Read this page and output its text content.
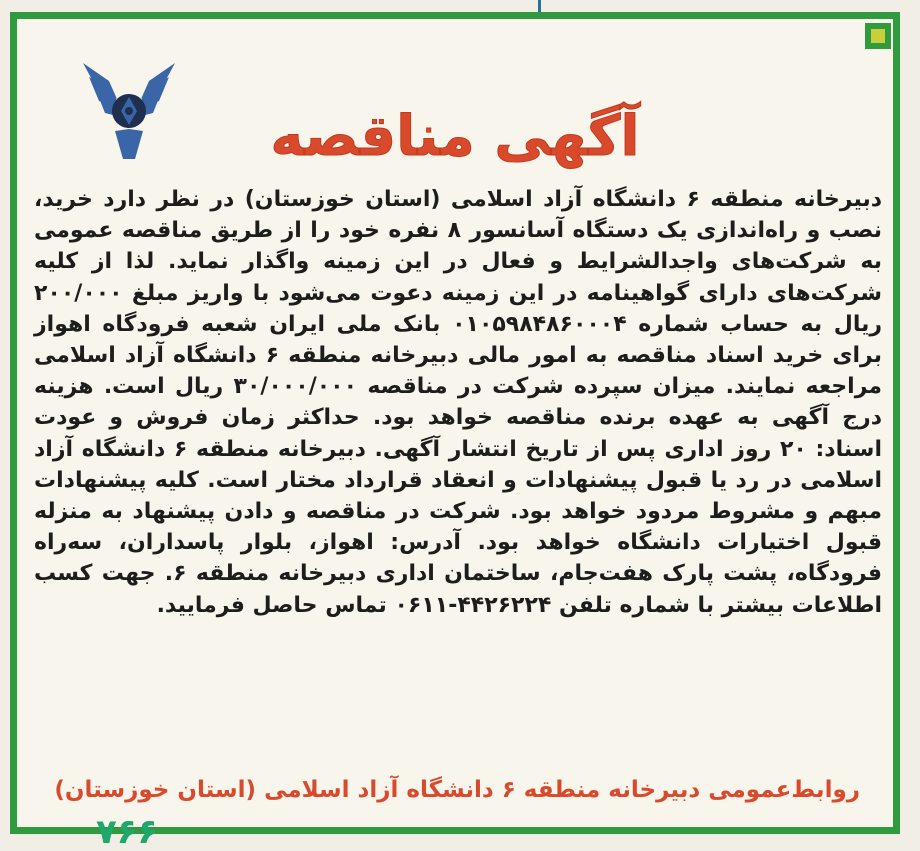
آگهی مناقصه

دبیرخانه منطقه ۶ دانشگاه آزاد اسلامی (استان خوزستان) در نظر دارد خرید، نصب و راه‌اندازی یک دستگاه آسانسور ۸ نفره خود را از طریق مناقصه عمومی به شرکت‌های واجدالشرایط و فعال در این زمینه واگذار نماید. لذا از کلیه شرکت‌های دارای گواهینامه در این زمینه دعوت می‌شود با واریز مبلغ ۲۰۰/۰۰۰ ریال به حساب شماره ۰۱۰۵۹۸۴۸۶۰۰۰۴ بانک ملی ایران شعبه فرودگاه اهواز برای خرید اسناد مناقصه به امور مالی دبیرخانه منطقه ۶ دانشگاه آزاد اسلامی مراجعه نمایند. میزان سپرده شرکت در مناقصه ۳۰/۰۰۰/۰۰۰ ریال است. هزینه درج آگهی به عهده برنده مناقصه خواهد بود. حداکثر زمان فروش و عودت اسناد: ۲۰ روز اداری پس از تاریخ انتشار آگهی. دبیرخانه منطقه ۶ دانشگاه آزاد اسلامی در رد یا قبول پیشنهادات و انعقاد قرارداد مختار است. کلیه پیشنهادات مبهم و مشروط مردود خواهد بود. شرکت در مناقصه و دادن پیشنهاد به منزله قبول اختیارات دانشگاه خواهد بود. آدرس: اهواز، بلوار پاسداران، سه‌راه فرودگاه، پشت پارک هفت‌جام، ساختمان اداری دبیرخانه منطقه ۶. جهت کسب اطلاعات بیشتر با شماره تلفن ۴۴۲۶۲۲۴-۰۶۱۱ تماس حاصل فرمایید.

روابط‌عمومی دبیرخانه منطقه ۶ دانشگاه آزاد اسلامی (استان خوزستان)

۷۶۶
